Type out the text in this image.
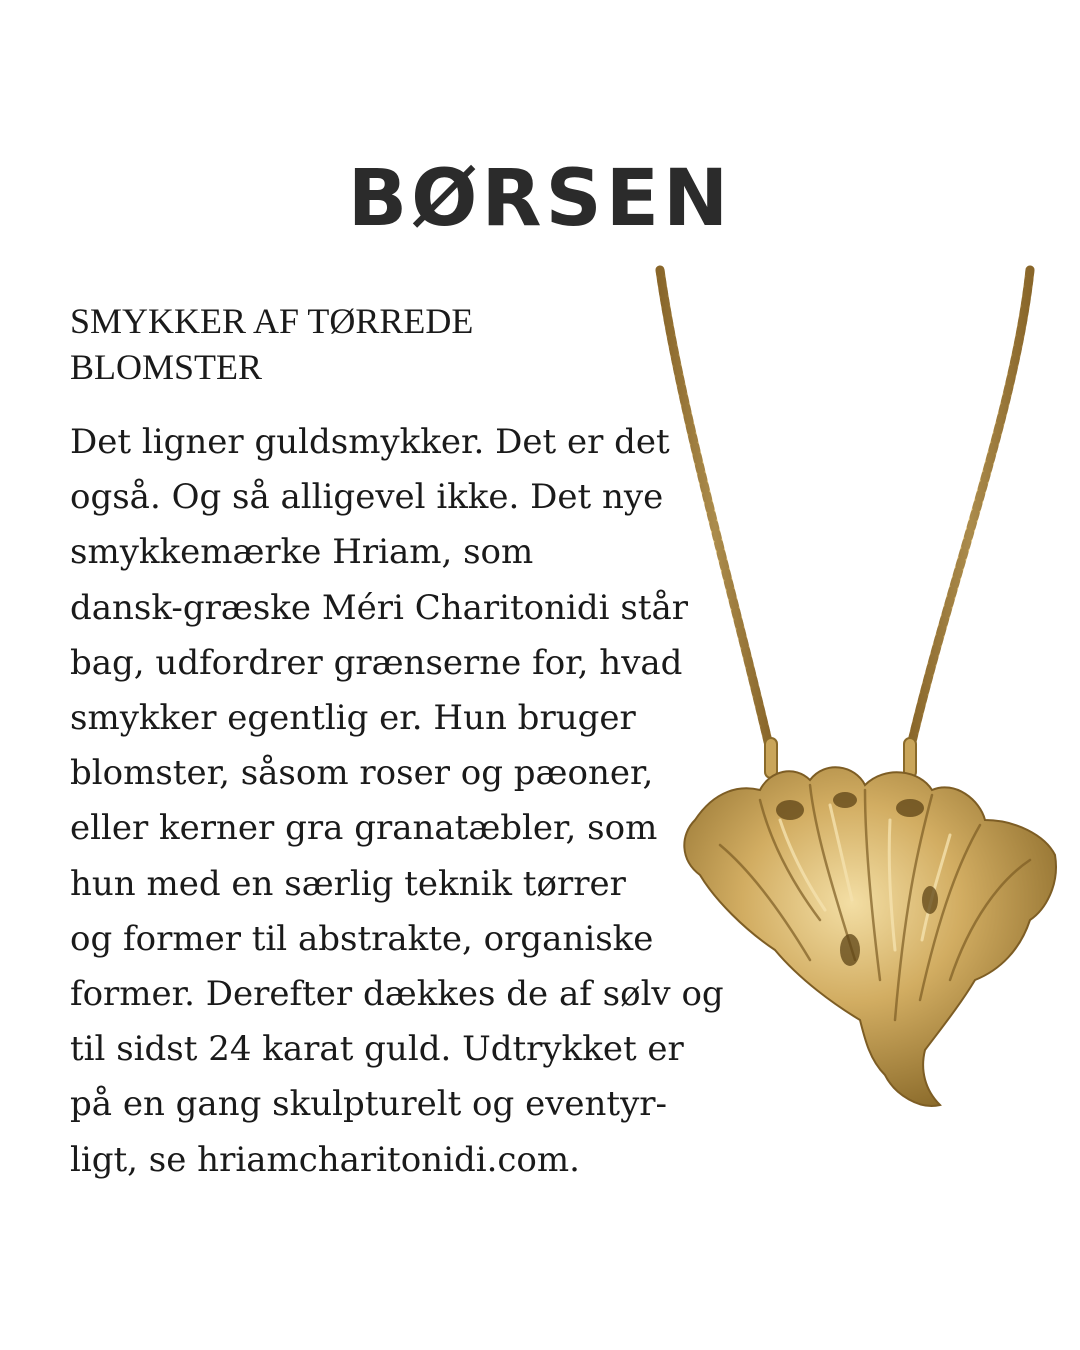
BØRSEN
SMYKKER AF TØRREDE
BLOMSTER

Det ligner guldsmykker. Det er det
også. Og så alligevel ikke. Det nye
smykkemærke Hriam, som
dansk-græske Méri Charitonidi står
bag, udfordrer grænserne for, hvad
smykker egentlig er. Hun bruger
blomster, såsom roser og pæoner,
eller kerner gra granatæbler, som
hun med en særlig teknik tørrer
og former til abstrakte, organiske
former. Derefter dækkes de af sølv og
til sidst 24 karat guld. Udtrykket er
på en gang skulpturelt og eventyr-
ligt, se hriamcharitonidi.com.
